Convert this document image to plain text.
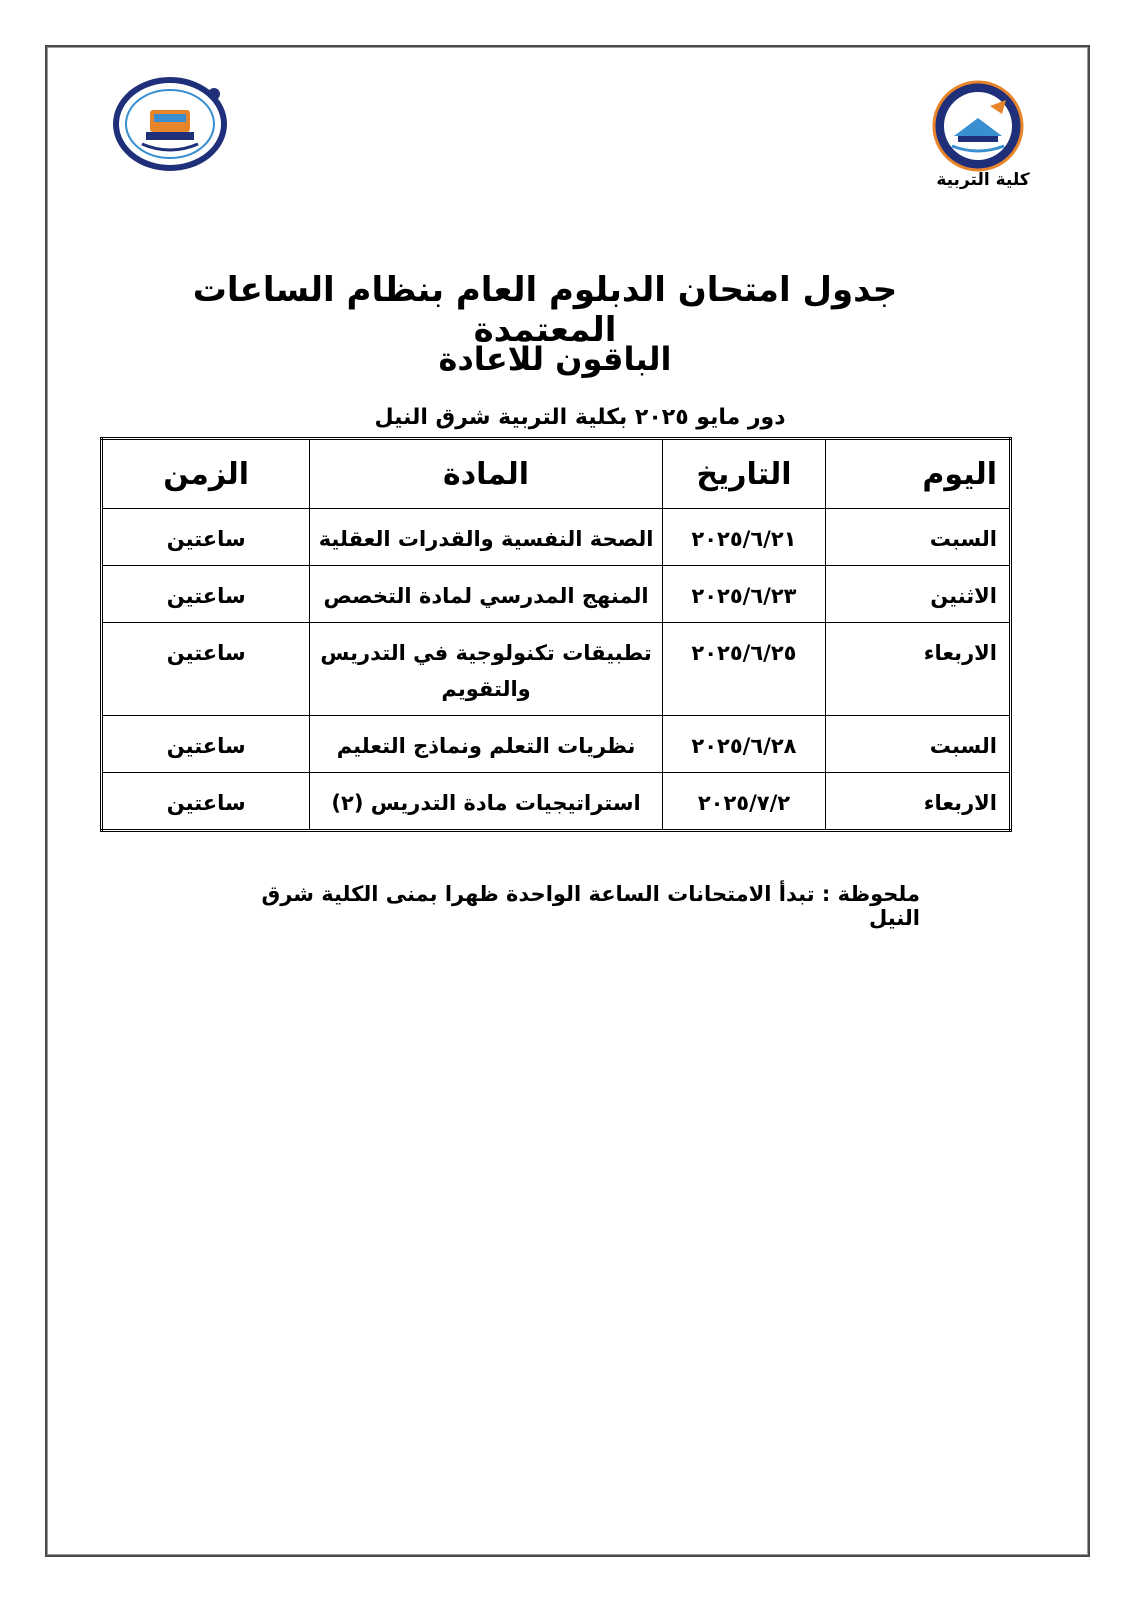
كلية التربية
جدول امتحان الدبلوم العام بنظام الساعات المعتمدة
الباقون للاعادة
دور مايو ٢٠٢٥ بكلية التربية شرق النيل
اليوم	التاريخ	المادة	الزمن
السبت	٢٠٢٥/٦/٢١	الصحة النفسية والقدرات العقلية	ساعتين
الاثنين	٢٠٢٥/٦/٢٣	المنهج المدرسي لمادة التخصص	ساعتين
الاربعاء	٢٠٢٥/٦/٢٥	تطبيقات تكنولوجية في التدريس والتقويم	ساعتين
السبت	٢٠٢٥/٦/٢٨	نظريات التعلم ونماذج التعليم	ساعتين
الاربعاء	٢٠٢٥/٧/٢	استراتيجيات مادة التدريس (٢)	ساعتين
ملحوظة : تبدأ الامتحانات الساعة الواحدة ظهرا بمنى الكلية شرق النيل
